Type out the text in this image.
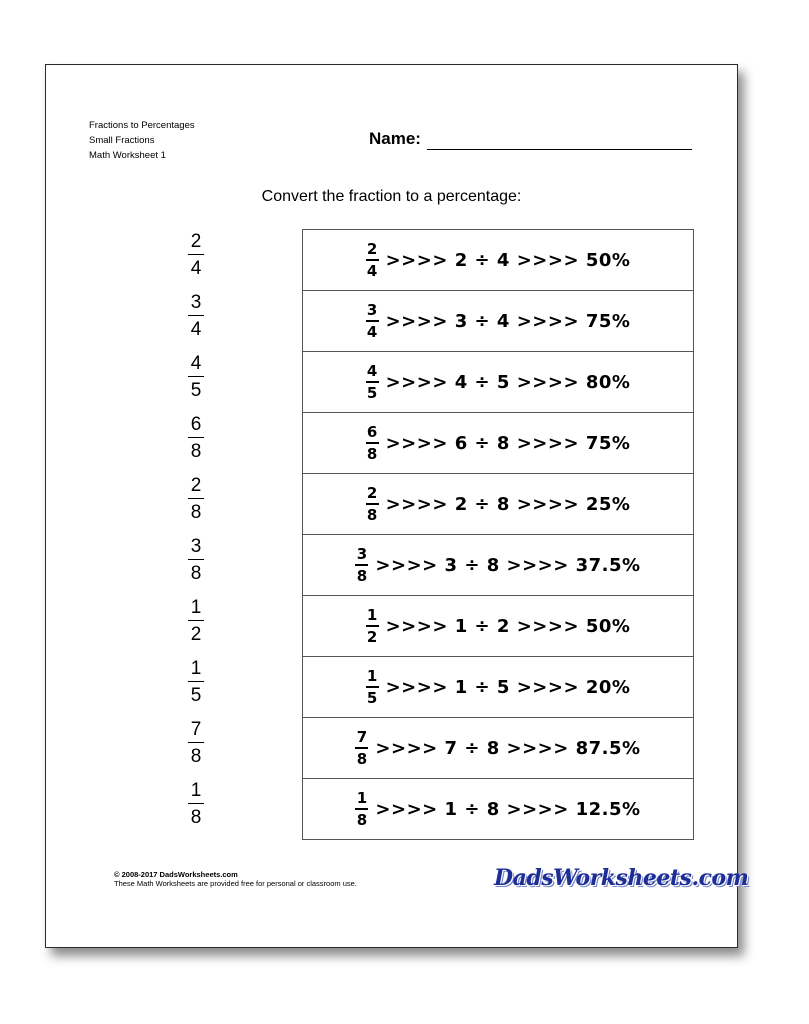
Fractions to Percentages
Small Fractions
Math Worksheet 1
Name:
Convert the fraction to a percentage:
2
4
3
4
4
5
6
8
2
8
3
8
1
2
1
5
7
8
1
8
$\frac{2}{4}$ >>>> 2 ÷ 4 >>>> 50%
$\frac{3}{4}$ >>>> 3 ÷ 4 >>>> 75%
$\frac{4}{5}$ >>>> 4 ÷ 5 >>>> 80%
$\frac{6}{8}$ >>>> 6 ÷ 8 >>>> 75%
$\frac{2}{8}$ >>>> 2 ÷ 8 >>>> 25%
$\frac{3}{8}$ >>>> 3 ÷ 8 >>>> 37.5%
$\frac{1}{2}$ >>>> 1 ÷ 2 >>>> 50%
$\frac{1}{5}$ >>>> 1 ÷ 5 >>>> 20%
$\frac{7}{8}$ >>>> 7 ÷ 8 >>>> 87.5%
$\frac{1}{8}$ >>>> 1 ÷ 8 >>>> 12.5%
© 2008-2017 DadsWorksheets.com
These Math Worksheets are provided free for personal or classroom use.	DadsWorksheets.com
